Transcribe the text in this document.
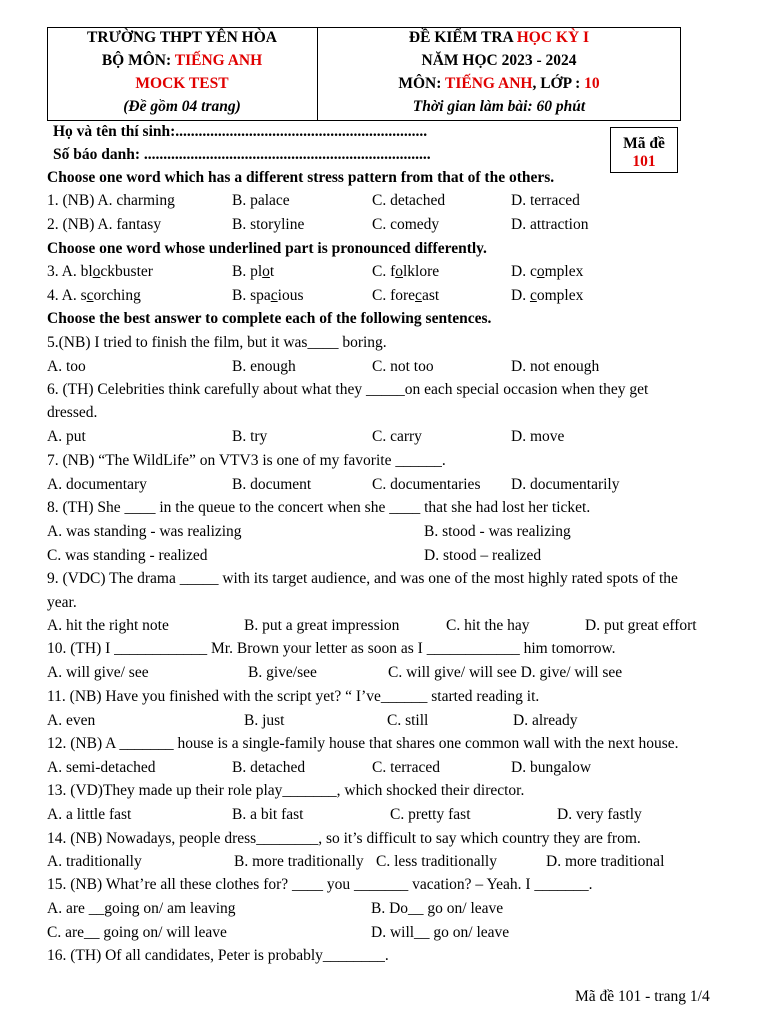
TRƯỜNG THPT YÊN HÒA
BỘ MÔN: TIẾNG ANH
MOCK TEST
(Đề gồm 04 trang)
ĐỀ KIỂM TRA HỌC KỲ I
NĂM HỌC 2023 - 2024
MÔN: TIẾNG ANH, LỚP : 10
Thời gian làm bài: 60 phút
Họ và tên thí sinh:.................................................................
Số báo danh: ..........................................................................
Mã đề 101
Choose one word which has a different stress pattern from that of the others.
1. (NB) A. charming	B. palace	C. detached	D. terraced
2. (NB) A. fantasy	B. storyline	C. comedy	D. attraction
Choose one word whose underlined part is pronounced differently.
3. A. blockbuster	B. plot	C. folklore	D. complex
4. A. scorching	B. spacious	C. forecast	D. complex
Choose the best answer to complete each of the following sentences.
5.(NB) I tried to finish the film, but it was____ boring.
A. too	B. enough	C. not too	D. not enough
6. (TH) Celebrities think carefully about what they _____on each special occasion when they get
dressed.
A. put	B. try	C. carry	D. move
7. (NB) “The WildLife” on VTV3 is one of my favorite ______.
A. documentary	B. document	C. documentaries D. documentarily
8. (TH) She ____ in the queue to the concert when she ____ that she had lost her ticket.
A. was standing - was realizing	B. stood - was realizing
C. was standing - realized	D. stood – realized
9. (VDC) The drama _____ with its target audience, and was one of the most highly rated spots of the
year.
A. hit the right note	B. put a great impression	C. hit the hay	D. put great effort
10. (TH) I ____________ Mr. Brown your letter as soon as I ____________ him tomorrow.
A. will give/ see	B. give/see	C. will give/ will see D. give/ will see
11. (NB) Have you finished with the script yet? “ I’ve______ started reading it.
A. even	B. just	C. still	D. already
12. (NB) A _______ house is a single-family house that shares one common wall with the next house.
A. semi-detached	B. detached	C. terraced	D. bungalow
13. (VD)They made up their role play_______, which shocked their director.
A. a little fast	B. a bit fast	C. pretty fast	D. very fastly
14. (NB) Nowadays, people dress________, so it’s difficult to say which country they are from.
A. traditionally	B. more traditionally C. less traditionally	D. more traditional
15. (NB) What’re all these clothes for? ____ you _______ vacation? – Yeah. I _______.
A. are __going on/ am leaving	B. Do__ go on/ leave
C. are__ going on/ will leave	D. will__ go on/ leave
16. (TH) Of all candidates, Peter is probably________.
Mã đề 101 - trang 1/4
